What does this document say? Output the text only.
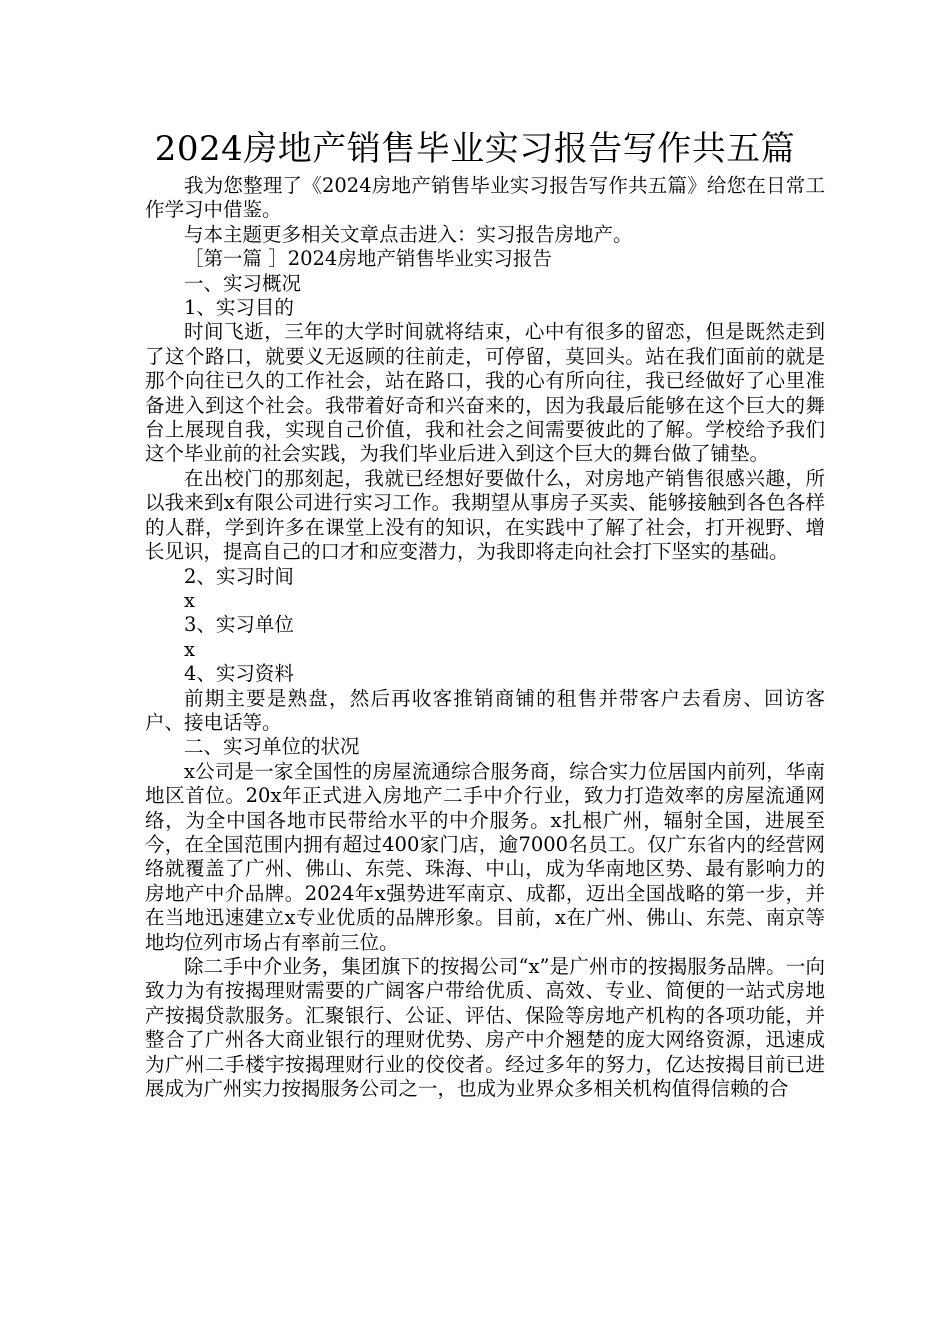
2024房地产销售毕业实习报告写作共五篇

我为您整理了《2024房地产销售毕业实习报告写作共五篇》给您在日常工作学习中借鉴。

与本主题更多相关文章点击进入：实习报告房地产。

［第一篇 ］2024房地产销售毕业实习报告

一、实习概况

1、实习目的

时间飞逝，三年的大学时间就将结束，心中有很多的留恋，但是既然走到了这个路口，就要义无返顾的往前走，可停留，莫回头。站在我们面前的就是那个向往已久的工作社会，站在路口，我的心有所向往，我已经做好了心里准备进入到这个社会。我带着好奇和兴奋来的，因为我最后能够在这个巨大的舞台上展现自我，实现自己价值，我和社会之间需要彼此的了解。学校给予我们这个毕业前的社会实践，为我们毕业后进入到这个巨大的舞台做了铺垫。

在出校门的那刻起，我就已经想好要做什么，对房地产销售很感兴趣，所以我来到x有限公司进行实习工作。我期望从事房子买卖、能够接触到各色各样的人群，学到许多在课堂上没有的知识，在实践中了解了社会，打开视野、增长见识，提高自己的口才和应变潜力，为我即将走向社会打下坚实的基础。

2、实习时间

x

3、实习单位

x

4、实习资料

前期主要是熟盘，然后再收客推销商铺的租售并带客户去看房、回访客户、接电话等。

二、实习单位的状况

x公司是一家全国性的房屋流通综合服务商，综合实力位居国内前列，华南地区首位。20x年正式进入房地产二手中介行业，致力打造效率的房屋流通网络，为全中国各地市民带给水平的中介服务。x扎根广州，辐射全国，进展至今，在全国范围内拥有超过400家门店，逾7000名员工。仅广东省内的经营网络就覆盖了广州、佛山、东莞、珠海、中山，成为华南地区势、最有影响力的房地产中介品牌。2024年x强势进军南京、成都，迈出全国战略的第一步，并在当地迅速建立x专业优质的品牌形象。目前，x在广州、佛山、东莞、南京等地均位列市场占有率前三位。

除二手中介业务，集团旗下的按揭公司“x”是广州市的按揭服务品牌。一向致力为有按揭理财需要的广阔客户带给优质、高效、专业、简便的一站式房地产按揭贷款服务。汇聚银行、公证、评估、保险等房地产机构的各项功能，并整合了广州各大商业银行的理财优势、房产中介翘楚的庞大网络资源，迅速成为广州二手楼宇按揭理财行业的佼佼者。经过多年的努力，亿达按揭目前已进展成为广州实力按揭服务公司之一，也成为业界众多相关机构值得信赖的合
